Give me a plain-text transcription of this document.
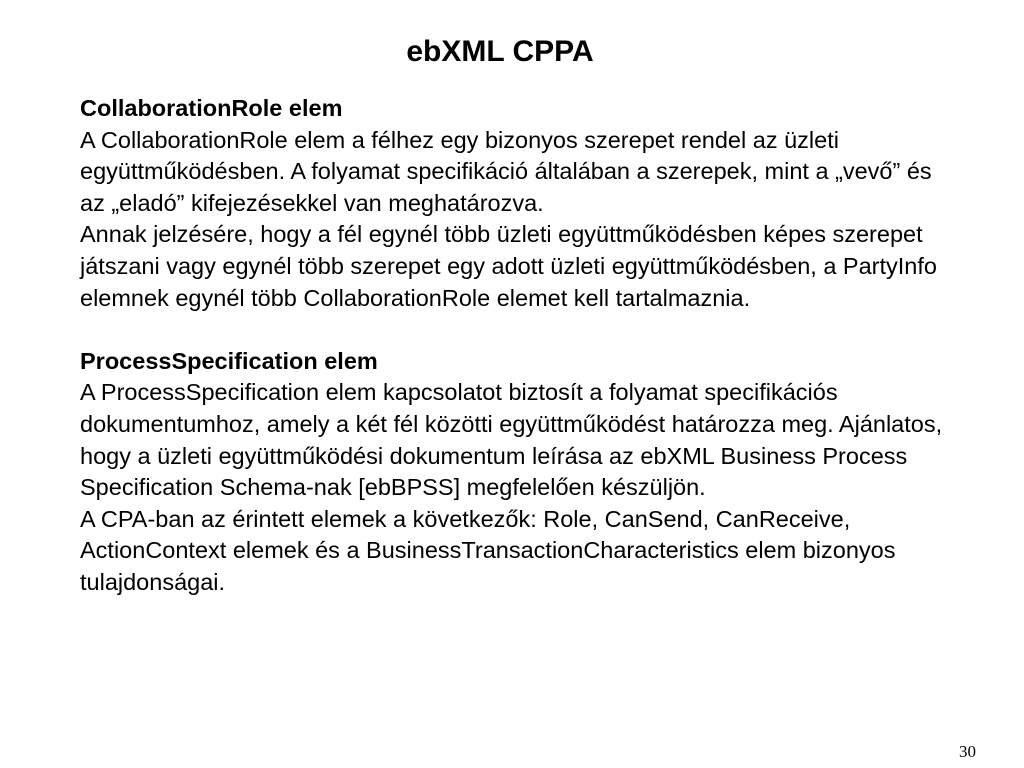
ebXML CPPA

CollaborationRole elem

A CollaborationRole elem a félhez egy bizonyos szerepet rendel az üzleti együttműködésben. A folyamat specifikáció általában a szerepek, mint a „vevő” és az „eladó” kifejezésekkel van meghatározva.

Annak jelzésére, hogy a fél egynél több üzleti együttműködésben képes szerepet játszani vagy egynél több szerepet egy adott üzleti együttműködésben, a PartyInfo elemnek egynél több CollaborationRole elemet kell tartalmaznia.

ProcessSpecification elem

A ProcessSpecification elem kapcsolatot biztosít a folyamat specifikációs dokumentumhoz, amely a két fél közötti együttműködést határozza meg. Ajánlatos, hogy a üzleti együttműködési dokumentum leírása az ebXML Business Process Specification Schema-nak [ebBPSS] megfelelően készüljön.

A CPA-ban az érintett elemek a következők: Role, CanSend, CanReceive, ActionContext elemek és a BusinessTransactionCharacteristics elem bizonyos tulajdonságai.

30
